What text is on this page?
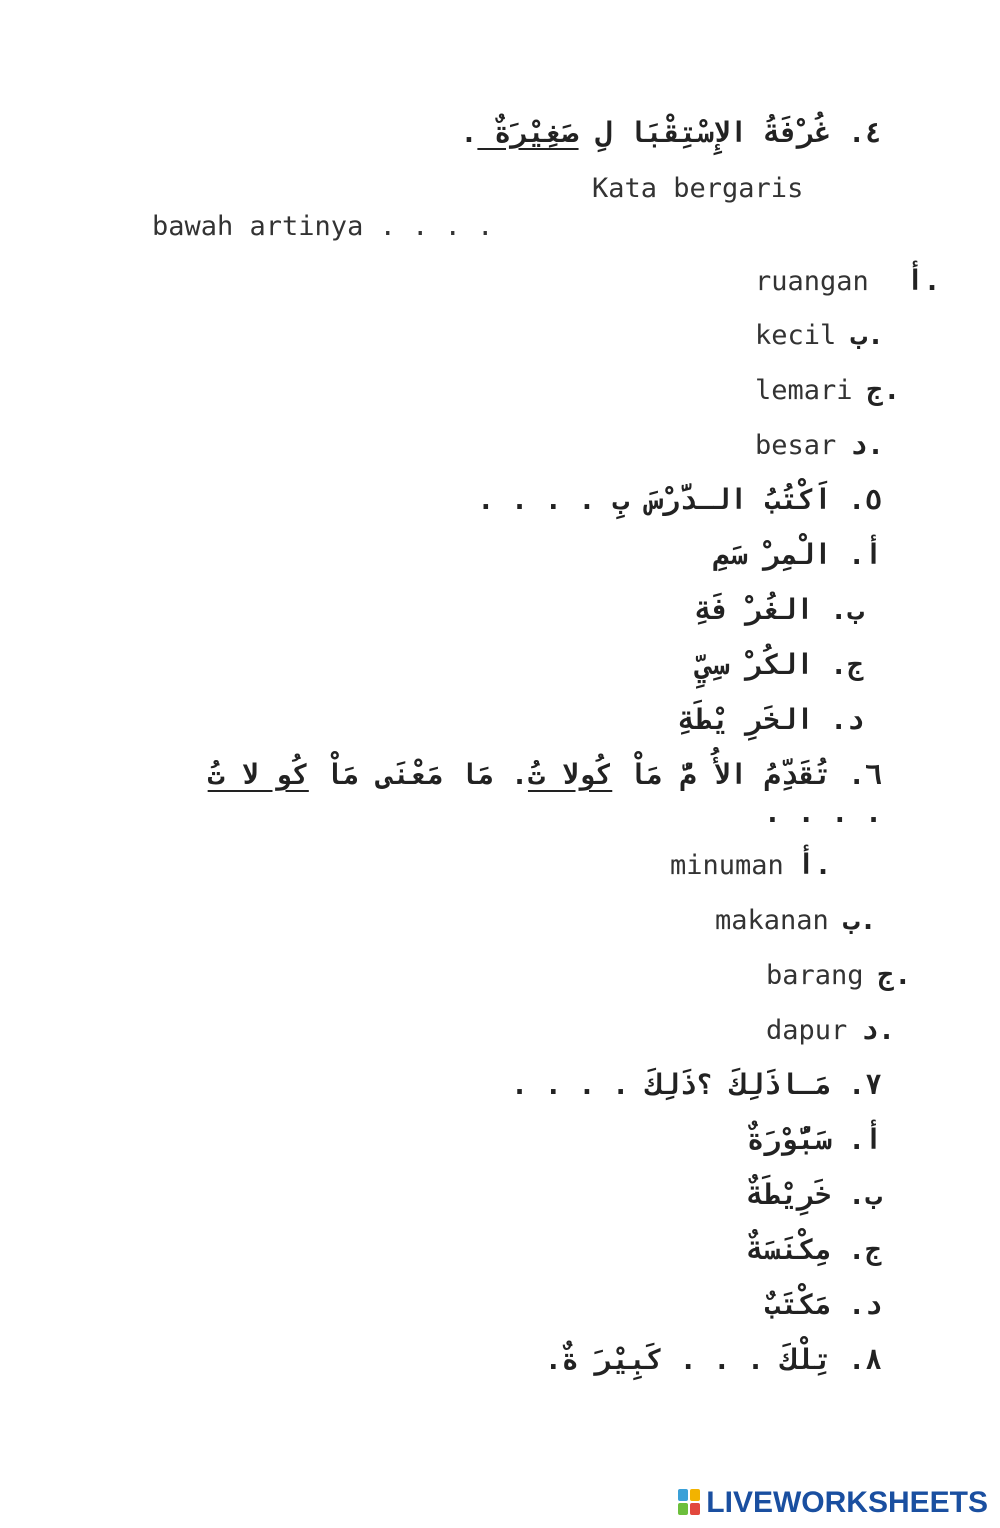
٤. غُرْفَةُ الإِسْتِقْبَا لِ صَغِيْرَةٌ .
Kata bergaris
bawah artinya . . . .
ruangan أ.
kecil ب.
lemari ج.
besar د.
٥. اَكْتُبُ الـدَّرْسَ بِ . . . .
أ. الْمِرْ سَمِ
ب. الغُرْ فَةِ
ج. الكُرْ سِيِّ
د. الخَرِ يْطَةِ
٦. تُقَدِّمُ الأُ مُّ مَاْ كُولا تُ. مَا مَعْنَى مَاْ كُو لا تُ
. . . .
minuman أ.
makanan ب.
barang ج.
dapur د.
٧. مَـاذَلِكَ ؟ذَلِكَ . . . .
أ. سَبُّوْرَةٌ
ب. خَرِيْطَةٌ
ج. مِكْنَسَةٌ
د. مَكْتَبٌ
٨. تِلْكَ . . . كَبِيْرَ ةٌ.
LIVEWORKSHEETS
